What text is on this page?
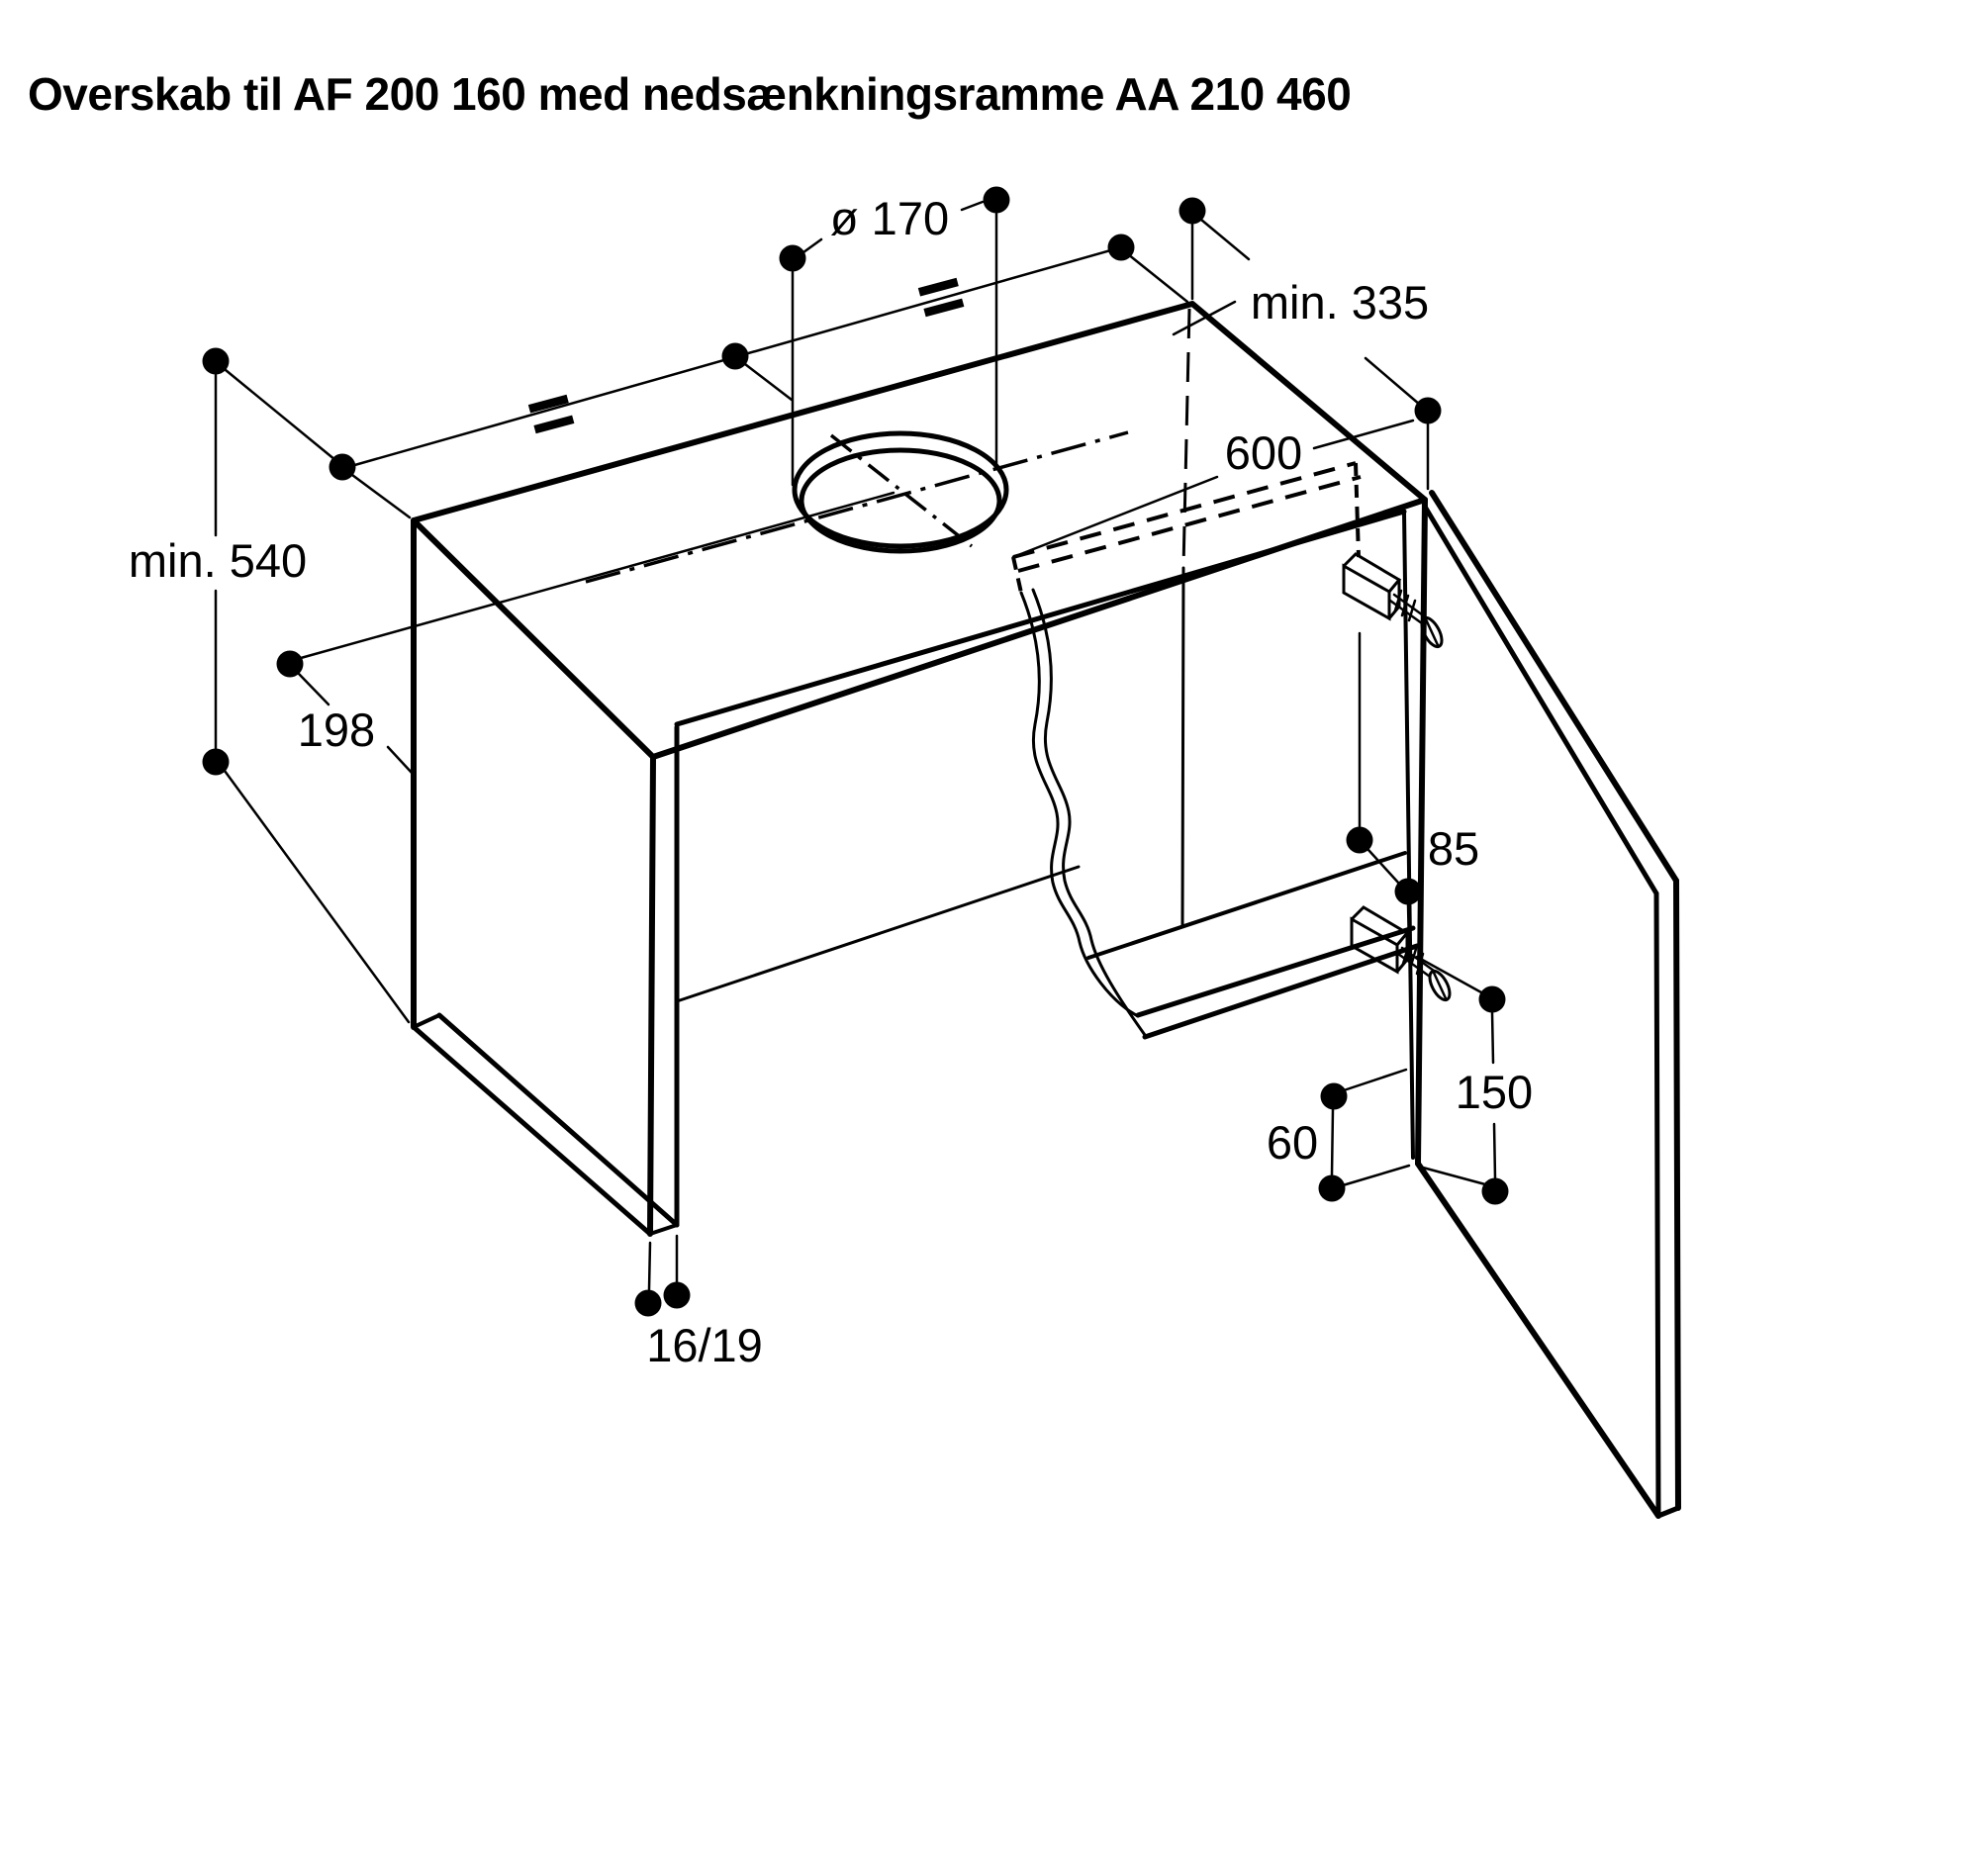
Overskab til AF 200 160 med nedsænkningsramme AA 210 460
min. 540
=
=
ø 170
min. 335
600
198
85
150
60
16/19
